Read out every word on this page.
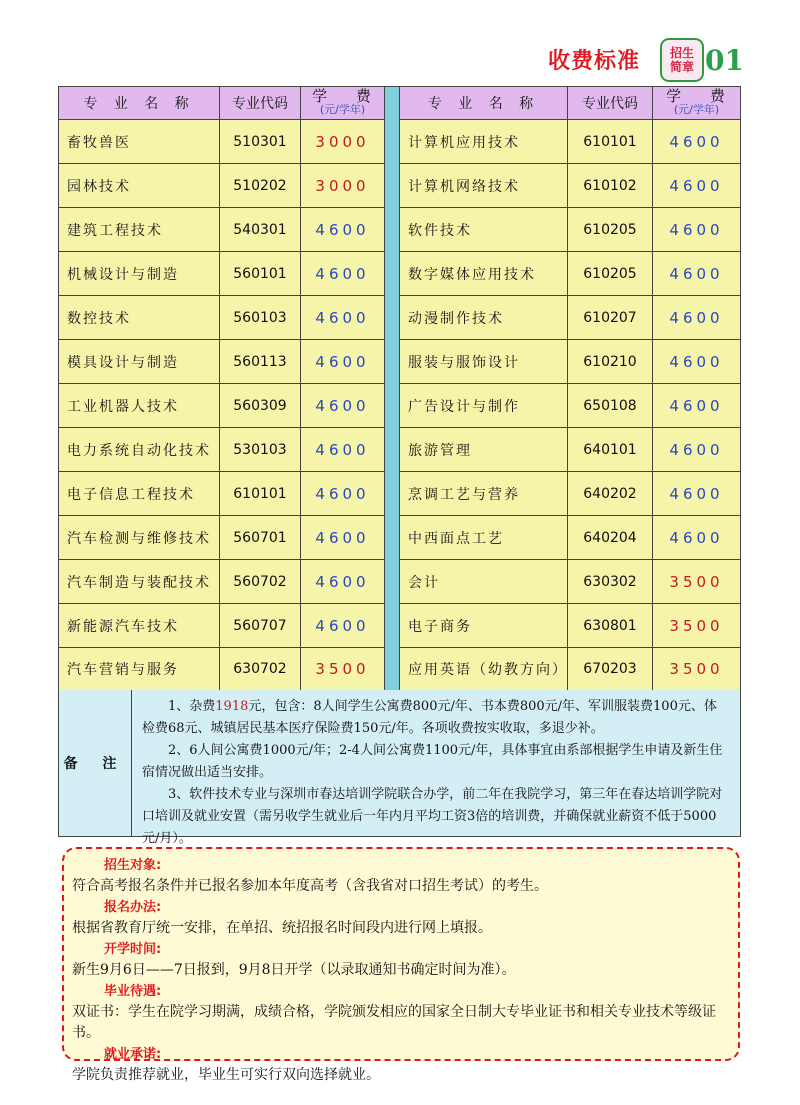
收费标准 招生
简章 01
专 业 名 称	专业代码	学 费
(元/学年)
畜牧兽医	510301	3000
园林技术	510202	3000
建筑工程技术	540301	4600
机械设计与制造	560101	4600
数控技术	560103	4600
模具设计与制造	560113	4600
工业机器人技术	560309	4600
电力系统自动化技术	530103	4600
电子信息工程技术	610101	4600
汽车检测与维修技术	560701	4600
汽车制造与装配技术	560702	4600
新能源汽车技术	560707	4600
汽车营销与服务	630702	3500
专 业 名 称	专业代码	学 费
(元/学年)
计算机应用技术	610101	4600
计算机网络技术	610102	4600
软件技术	610205	4600
数字媒体应用技术	610205	4600
动漫制作技术	610207	4600
服装与服饰设计	610210	4600
广告设计与制作	650108	4600
旅游管理	640101	4600
烹调工艺与营养	640202	4600
中西面点工艺	640204	4600
会计	630302	3500
电子商务	630801	3500
应用英语（幼教方向）	670203	3500
备 注

1、杂费1918元，包含：8人间学生公寓费800元/年、书本费800元/年、军训服装费100元、体检费68元、城镇居民基本医疗保险费150元/年。各项收费按实收取，多退少补。

2、6人间公寓费1000元/年；2-4人间公寓费1100元/年，具体事宜由系部根据学生申请及新生住宿情况做出适当安排。

3、软件技术专业与深圳市春达培训学院联合办学，前二年在我院学习，第三年在春达培训学院对口培训及就业安置（需另收学生就业后一年内月平均工资3倍的培训费，并确保就业薪资不低于5000元/月）。

招生对象:
符合高考报名条件并已报名参加本年度高考（含我省对口招生考试）的考生。
报名办法:
根据省教育厅统一安排，在单招、统招报名时间段内进行网上填报。
开学时间:
新生9月6日——7日报到，9月8日开学（以录取通知书确定时间为准）。
毕业待遇:
双证书：学生在院学习期满，成绩合格，学院颁发相应的国家全日制大专毕业证书和相关专业技术等级证书。
就业承诺:
学院负责推荐就业，毕业生可实行双向选择就业。
